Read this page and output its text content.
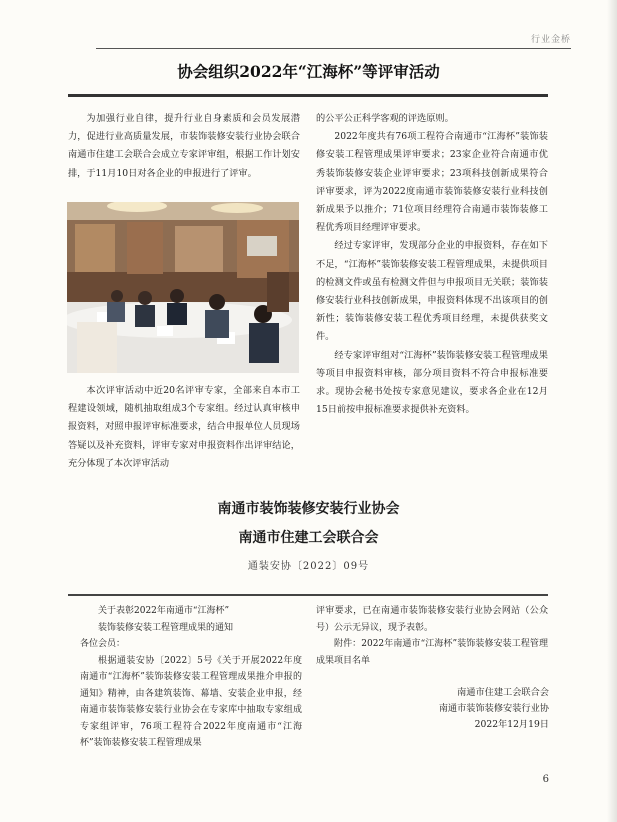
行业金桥
协会组织2022年“江海杯”等评审活动

为加强行业自律，提升行业自身素质和会员发展潜力，促进行业高质量发展，市装饰装修安装行业协会联合南通市住建工会联合会成立专家评审组，根据工作计划安排，于11月10日对各企业的申报进行了评审。

本次评审活动中近20名评审专家，全部来自本市工程建设领域，随机抽取组成3个专家组。经过认真审核申报资料，对照申报评审标准要求，结合申报单位人员现场答疑以及补充资料，评审专家对申报资料作出评审结论，充分体现了本次评审活动

的公平公正科学客观的评选原则。

2022年度共有76项工程符合南通市“江海杯”装饰装修安装工程管理成果评审要求；23家企业符合南通市优秀装饰装修安装企业评审要求；23项科技创新成果符合评审要求，评为2022度南通市装饰装修安装行业科技创新成果予以推介；71位项目经理符合南通市装饰装修工程优秀项目经理评审要求。

经过专家评审，发现部分企业的申报资料，存在如下不足，“江海杯”装饰装修安装工程管理成果，未提供项目的检测文件或虽有检测文件但与申报项目无关联；装饰装修安装行业科技创新成果，申报资料体现不出该项目的创新性；装饰装修安装工程优秀项目经理，未提供获奖文件。

经专家评审组对“江海杯”装饰装修安装工程管理成果等项目申报资料审核，部分项目资料不符合申报标准要求。现协会秘书处按专家意见建议，要求各企业在12月15日前按申报标准要求提供补充资料。

南通市装饰装修安装行业协会
南通市住建工会联合会
通装安协〔2022〕09号

关于表彰2022年南通市“江海杯”

装饰装修安装工程管理成果的通知

各位会员：

根据通装安协〔2022〕5号《关于开展2022年度南通市“江海杯”装饰装修安装工程管理成果推介申报的通知》精神，由各建筑装饰、幕墙、安装企业申报，经南通市装饰装修安装行业协会在专家库中抽取专家组成专家组评审，76项工程符合2022年度南通市“江海杯”装饰装修安装工程管理成果

评审要求，已在南通市装饰装修安装行业协会网站（公众号）公示无异议，现予表彰。

附件：2022年南通市“江海杯”装饰装修安装工程管理成果项目名单

南通市住建工会联合会
南通市装饰装修安装行业协
2022年12月19日
6
